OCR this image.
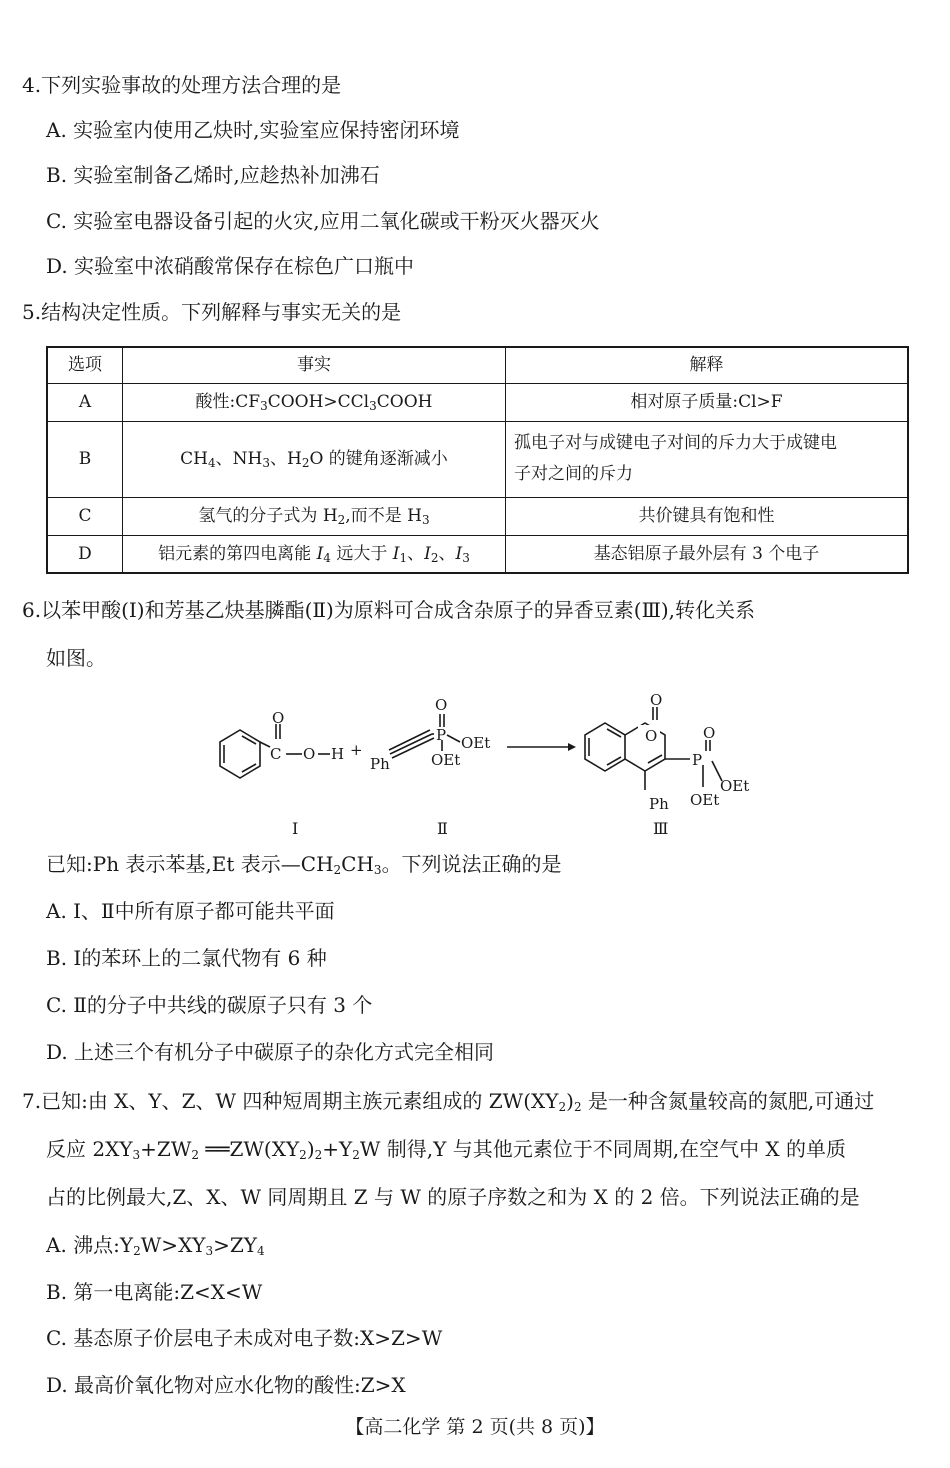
4.下列实验事故的处理方法合理的是
A. 实验室内使用乙炔时,实验室应保持密闭环境
B. 实验室制备乙烯时,应趁热补加沸石
C. 实验室电器设备引起的火灾,应用二氧化碳或干粉灭火器灭火
D. 实验室中浓硝酸常保存在棕色广口瓶中
5.结构决定性质。下列解释与事实无关的是
选项	事实	解释
A	酸性$:CF_3COOH>CCl_3COOH$	相对原子质量:Cl>F
B	$CH_4$、$NH_3$、$H_2O$ 的键角逐渐减小	孤电子对与成键电子对间的斥力大于成键电
子对之间的斥力
C	氢气的分子式为 $H_2$,而不是 $H_3$	共价键具有饱和性
D	铝元素的第四电离能 $I_4$ 远大于 $I_1$、$I_2$、$I_3$	基态铝原子最外层有 3 个电子
6.以苯甲酸(Ⅰ)和芳基乙炔基膦酯(Ⅱ)为原料可合成含杂原子的异香豆素(Ⅲ),转化关系
如图。
O
C O H +
O
P OEt
OEt
Ph
O
O	O
P
OEt
OEt
Ph
Ⅰ	Ⅱ	Ⅲ
已知:Ph 表示苯基,Et 表示$—CH_2CH_3$。下列说法正确的是
A. Ⅰ、Ⅱ中所有原子都可能共平面
B. Ⅰ的苯环上的二氯代物有 6 种
C. Ⅱ的分子中共线的碳原子只有 3 个
D. 上述三个有机分子中碳原子的杂化方式完全相同
7.已知:由 X、Y、Z、W 四种短周期主族元素组成的 $ZW(XY_2)_2$ 是一种含氮量较高的氮肥,可通过
反应 $2XY_3+ZW_2$ $══ZW(XY_2)_2+Y_2W$ 制得,Y 与其他元素位于不同周期,在空气中 X 的单质
占的比例最大,Z、X、W 同周期且 Z 与 W 的原子序数之和为 X 的 2 倍。下列说法正确的是
A. 沸点$:Y_2W>XY_3>ZY_4$
B. 第一电离能:Z<X<W
C. 基态原子价层电子未成对电子数:X>Z>W
D. 最高价氧化物对应水化物的酸性:Z>X
【高二化学 第 2 页(共 8 页)】
